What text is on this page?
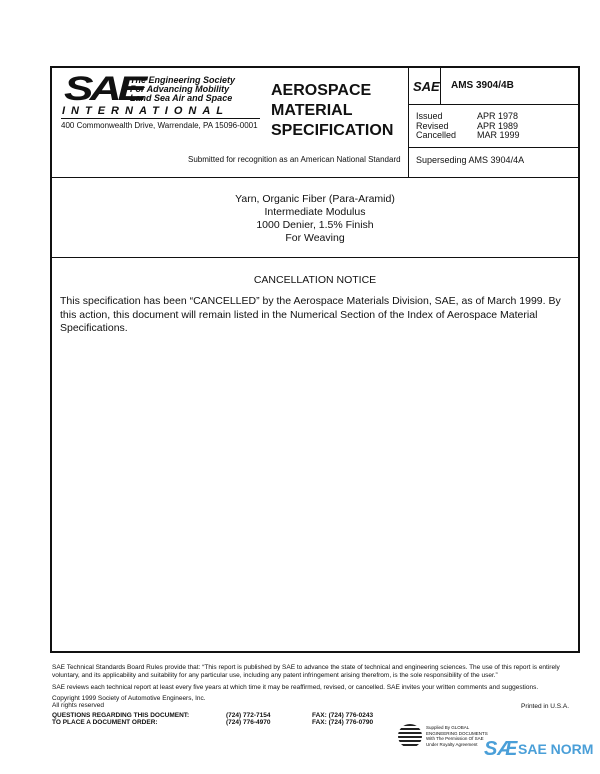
SAE
The Engineering Society
For Advancing Mobility
Land Sea Air and Space
INTERNATIONAL
400 Commonwealth Drive, Warrendale, PA 15096-0001
AEROSPACE
MATERIAL
SPECIFICATION
Submitted for recognition as an American National Standard
SAE AMS 3904/4B
Issued
Revised
Cancelled
APR 1978
APR 1989
MAR 1999
Superseding AMS 3904/4A
Yarn, Organic Fiber (Para-Aramid)
Intermediate Modulus
1000 Denier, 1.5% Finish
For Weaving
CANCELLATION NOTICE
This specification has been “CANCELLED” by the Aerospace Materials Division, SAE, as of March 1999. By this action, this document will remain listed in the Numerical Section of the Index of Aerospace Material Specifications.
SAE Technical Standards Board Rules provide that: “This report is published by SAE to advance the state of technical and engineering sciences. The use of this report is entirely voluntary, and its applicability and suitability for any particular use, including any patent infringement arising therefrom, is the sole responsibility of the user.”
SAE reviews each technical report at least every five years at which time it may be reaffirmed, revised, or cancelled. SAE invites your written comments and suggestions.
Copyright 1999 Society of Automotive Engineers, Inc.
All rights reserved	Printed in U.S.A.
QUESTIONS REGARDING THIS DOCUMENT:
TO PLACE A DOCUMENT ORDER:
(724) 772-7154
(724) 776-4970
FAX: (724) 776-0243
FAX: (724) 776-0790
Supplied By GLOBAL
ENGINEERING DOCUMENTS
With The Permission Of SAE
Under Royalty Agreement SÆ SAE NORM
